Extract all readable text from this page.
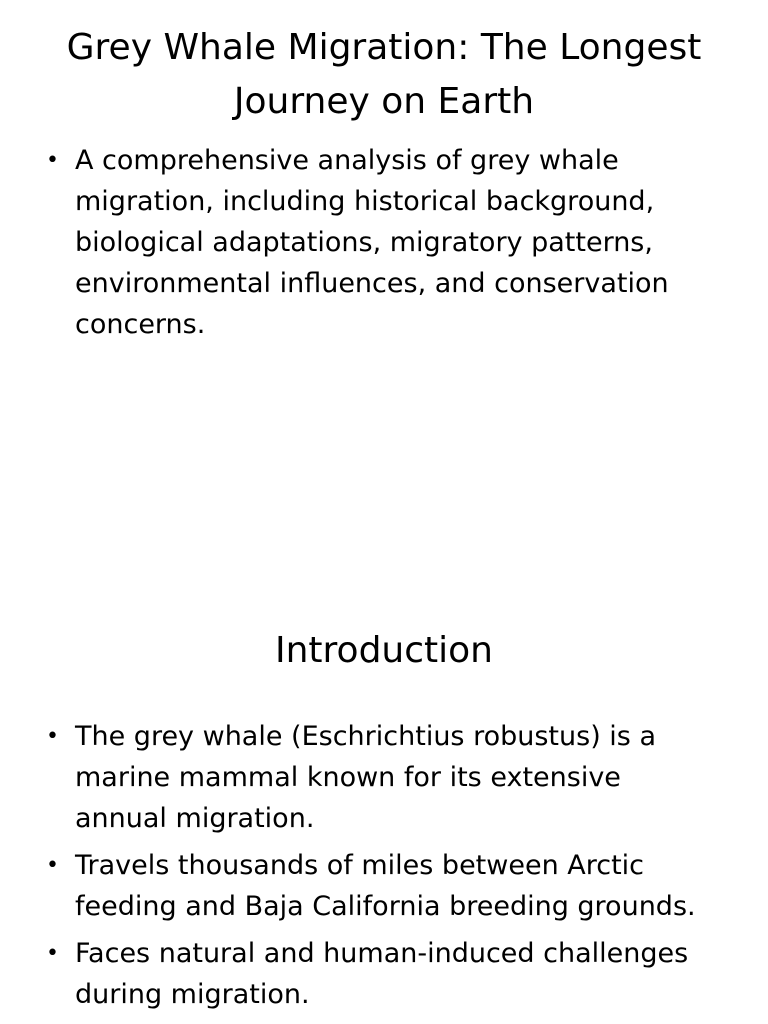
Grey Whale Migration: The Longest Journey on Earth
• A comprehensive analysis of grey whale migration, including historical background, biological adaptations, migratory patterns, environmental influences, and conservation concerns.
Introduction
• The grey whale (Eschrichtius robustus) is a marine mammal known for its extensive annual migration.
• Travels thousands of miles between Arctic feeding and Baja California breeding grounds.
• Faces natural and human-induced challenges during migration.
